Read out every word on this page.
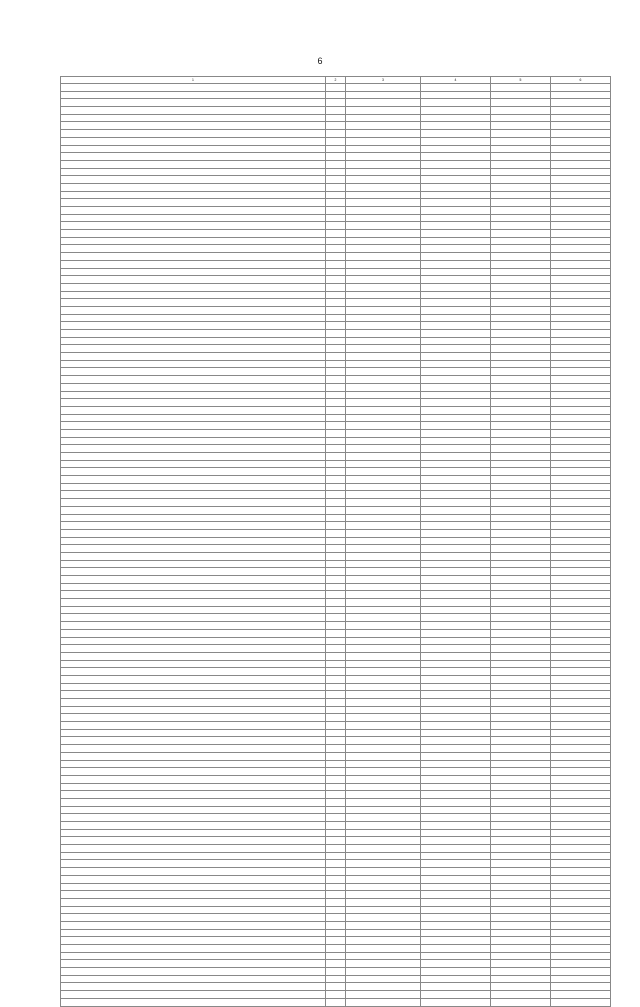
6
1	2	3	4	5	6
